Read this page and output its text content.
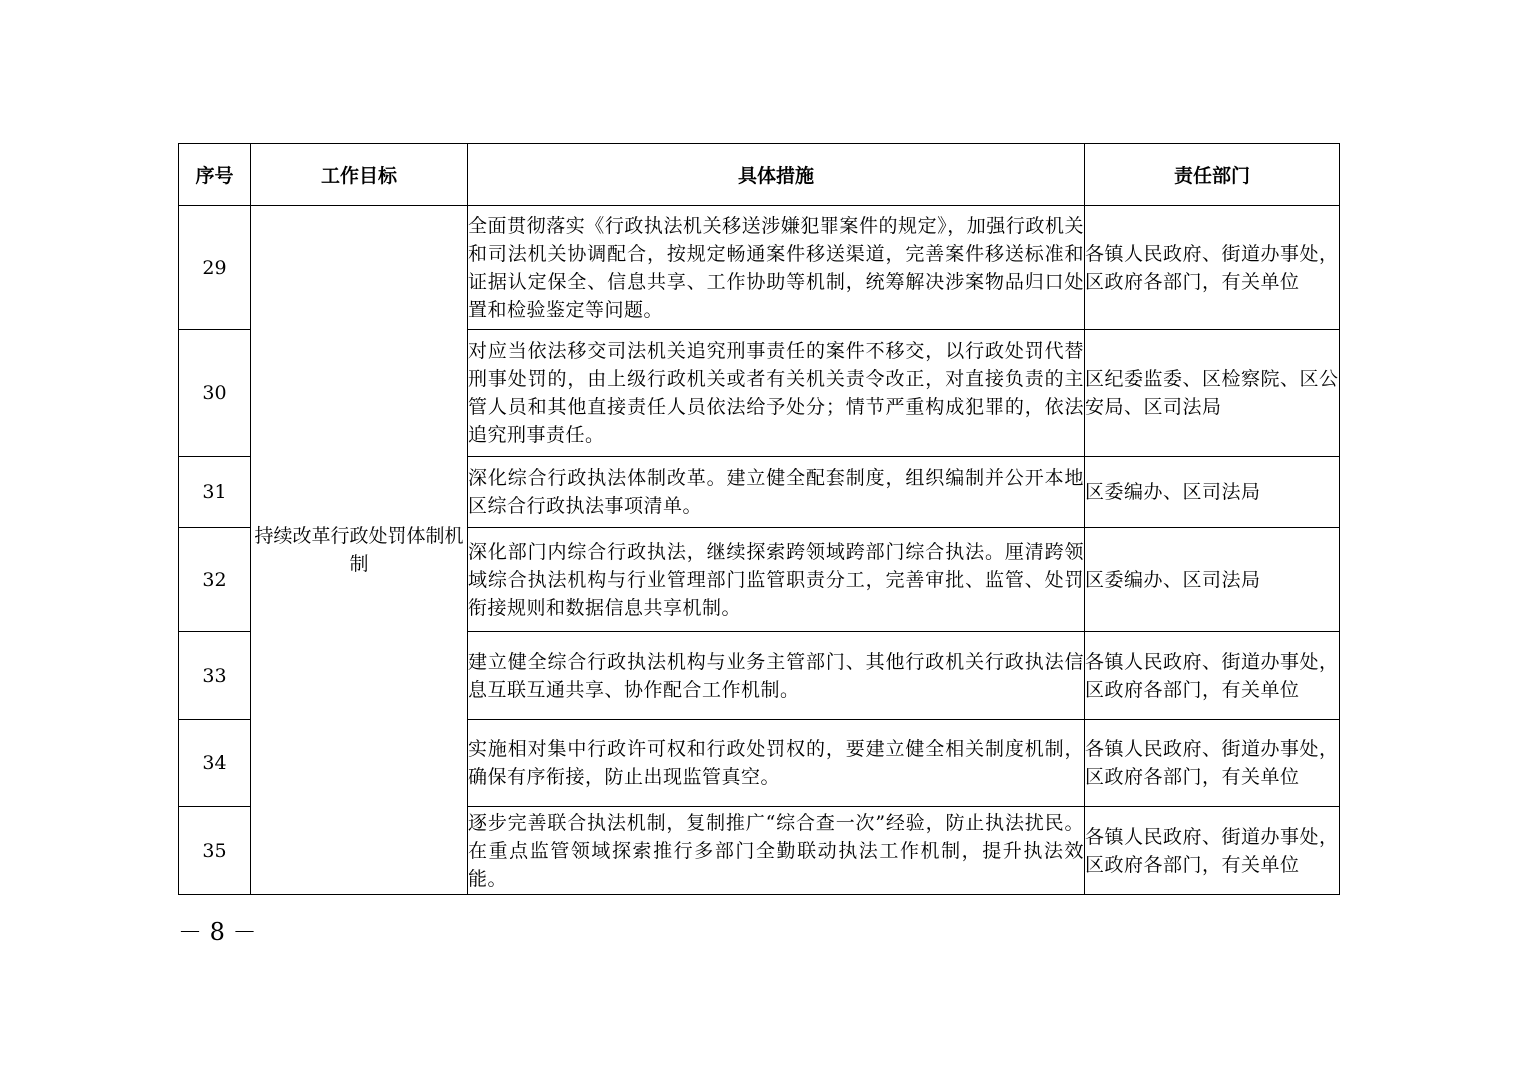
序号	工作目标	具体措施	责任部门
29	持续改革行政处罚体制机制	全面贯彻落实《行政执法机关移送涉嫌犯罪案件的规定》，加强行政机关和司法机关协调配合，按规定畅通案件移送渠道，完善案件移送标准和证据认定保全、信息共享、工作协助等机制，统筹解决涉案物品归口处置和检验鉴定等问题。	各镇人民政府、街道办事处，区政府各部门，有关单位
30		对应当依法移交司法机关追究刑事责任的案件不移交，以行政处罚代替刑事处罚的，由上级行政机关或者有关机关责令改正，对直接负责的主管人员和其他直接责任人员依法给予处分；情节严重构成犯罪的，依法追究刑事责任。	区纪委监委、区检察院、区公安局、区司法局
31		深化综合行政执法体制改革。建立健全配套制度，组织编制并公开本地区综合行政执法事项清单。	区委编办、区司法局
32		深化部门内综合行政执法，继续探索跨领域跨部门综合执法。厘清跨领域综合执法机构与行业管理部门监管职责分工，完善审批、监管、处罚衔接规则和数据信息共享机制。	区委编办、区司法局
33		建立健全综合行政执法机构与业务主管部门、其他行政机关行政执法信息互联互通共享、协作配合工作机制。	各镇人民政府、街道办事处，区政府各部门，有关单位
34		实施相对集中行政许可权和行政处罚权的，要建立健全相关制度机制，确保有序衔接，防止出现监管真空。	各镇人民政府、街道办事处，区政府各部门，有关单位
35		逐步完善联合执法机制，复制推广“综合查一次”经验，防止执法扰民。在重点监管领域探索推行多部门全勤联动执法工作机制，提升执法效能。	各镇人民政府、街道办事处，区政府各部门，有关单位
－ 8 －
